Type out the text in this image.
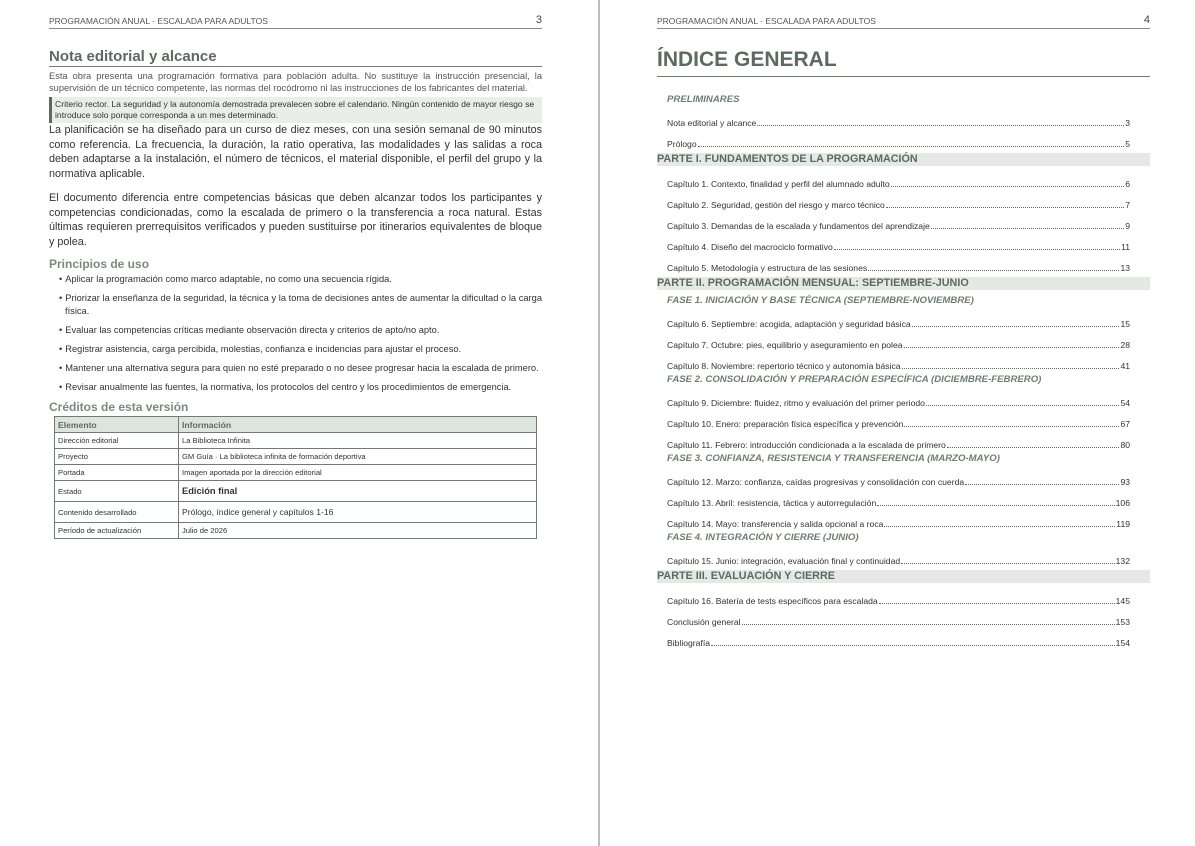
PROGRAMACIÓN ANUAL · ESCALADA PARA ADULTOS	3
Nota editorial y alcance

Esta obra presenta una programación formativa para población adulta. No sustituye la instrucción presencial, la supervisión de un técnico competente, las normas del rocódromo ni las instrucciones de los fabricantes del material.

Criterio rector. La seguridad y la autonomía demostrada prevalecen sobre el calendario. Ningún contenido de mayor riesgo se introduce solo porque corresponda a un mes determinado.

La planificación se ha diseñado para un curso de diez meses, con una sesión semanal de 90 minutos como referencia. La frecuencia, la duración, la ratio operativa, las modalidades y las salidas a roca deben adaptarse a la instalación, el número de técnicos, el material disponible, el perfil del grupo y la normativa aplicable.

El documento diferencia entre competencias básicas que deben alcanzar todos los participantes y competencias condicionadas, como la escalada de primero o la transferencia a roca natural. Estas últimas requieren prerrequisitos verificados y pueden sustituirse por itinerarios equivalentes de bloque y polea.

Principios de uso
• Aplicar la programación como marco adaptable, no como una secuencia rígida.
• Priorizar la enseñanza de la seguridad, la técnica y la toma de decisiones antes de aumentar la dificultad o la carga física.
• Evaluar las competencias críticas mediante observación directa y criterios de apto/no apto.
• Registrar asistencia, carga percibida, molestias, confianza e incidencias para ajustar el proceso.
• Mantener una alternativa segura para quien no esté preparado o no desee progresar hacia la escalada de primero.
• Revisar anualmente las fuentes, la normativa, los protocolos del centro y los procedimientos de emergencia.
Créditos de esta versión
Elemento	Información
Dirección editorial	La Biblioteca Infinita
Proyecto	GM Guía · La biblioteca infinita de formación deportiva
Portada	Imagen aportada por la dirección editorial
Estado	Edición final
Contenido desarrollado	Prólogo, índice general y capítulos 1-16
Período de actualización	Julio de 2026
PROGRAMACIÓN ANUAL · ESCALADA PARA ADULTOS	4
ÍNDICE GENERAL
PRELIMINARES
Nota editorial y alcance	3
Prólogo	5
PARTE I. FUNDAMENTOS DE LA PROGRAMACIÓN
Capítulo 1. Contexto, finalidad y perfil del alumnado adulto	6
Capítulo 2. Seguridad, gestión del riesgo y marco técnico	7
Capítulo 3. Demandas de la escalada y fundamentos del aprendizaje	9
Capítulo 4. Diseño del macrociclo formativo	11
Capítulo 5. Metodología y estructura de las sesiones	13
PARTE II. PROGRAMACIÓN MENSUAL: SEPTIEMBRE-JUNIO
FASE 1. INICIACIÓN Y BASE TÉCNICA (SEPTIEMBRE-NOVIEMBRE)
Capítulo 6. Septiembre: acogida, adaptación y seguridad básica	15
Capítulo 7. Octubre: pies, equilibrio y aseguramiento en polea	28
Capítulo 8. Noviembre: repertorio técnico y autonomía básica	41
FASE 2. CONSOLIDACIÓN Y PREPARACIÓN ESPECÍFICA (DICIEMBRE-FEBRERO)
Capítulo 9. Diciembre: fluidez, ritmo y evaluación del primer periodo	54
Capítulo 10. Enero: preparación física específica y prevención	67
Capítulo 11. Febrero: introducción condicionada a la escalada de primero	80
FASE 3. CONFIANZA, RESISTENCIA Y TRANSFERENCIA (MARZO-MAYO)
Capítulo 12. Marzo: confianza, caídas progresivas y consolidación con cuerda	93
Capítulo 13. Abril: resistencia, táctica y autorregulación	106
Capítulo 14. Mayo: transferencia y salida opcional a roca	119
FASE 4. INTEGRACIÓN Y CIERRE (JUNIO)
Capítulo 15. Junio: integración, evaluación final y continuidad	132
PARTE III. EVALUACIÓN Y CIERRE
Capítulo 16. Batería de tests específicos para escalada	145
Conclusión general	153
Bibliografía	154
